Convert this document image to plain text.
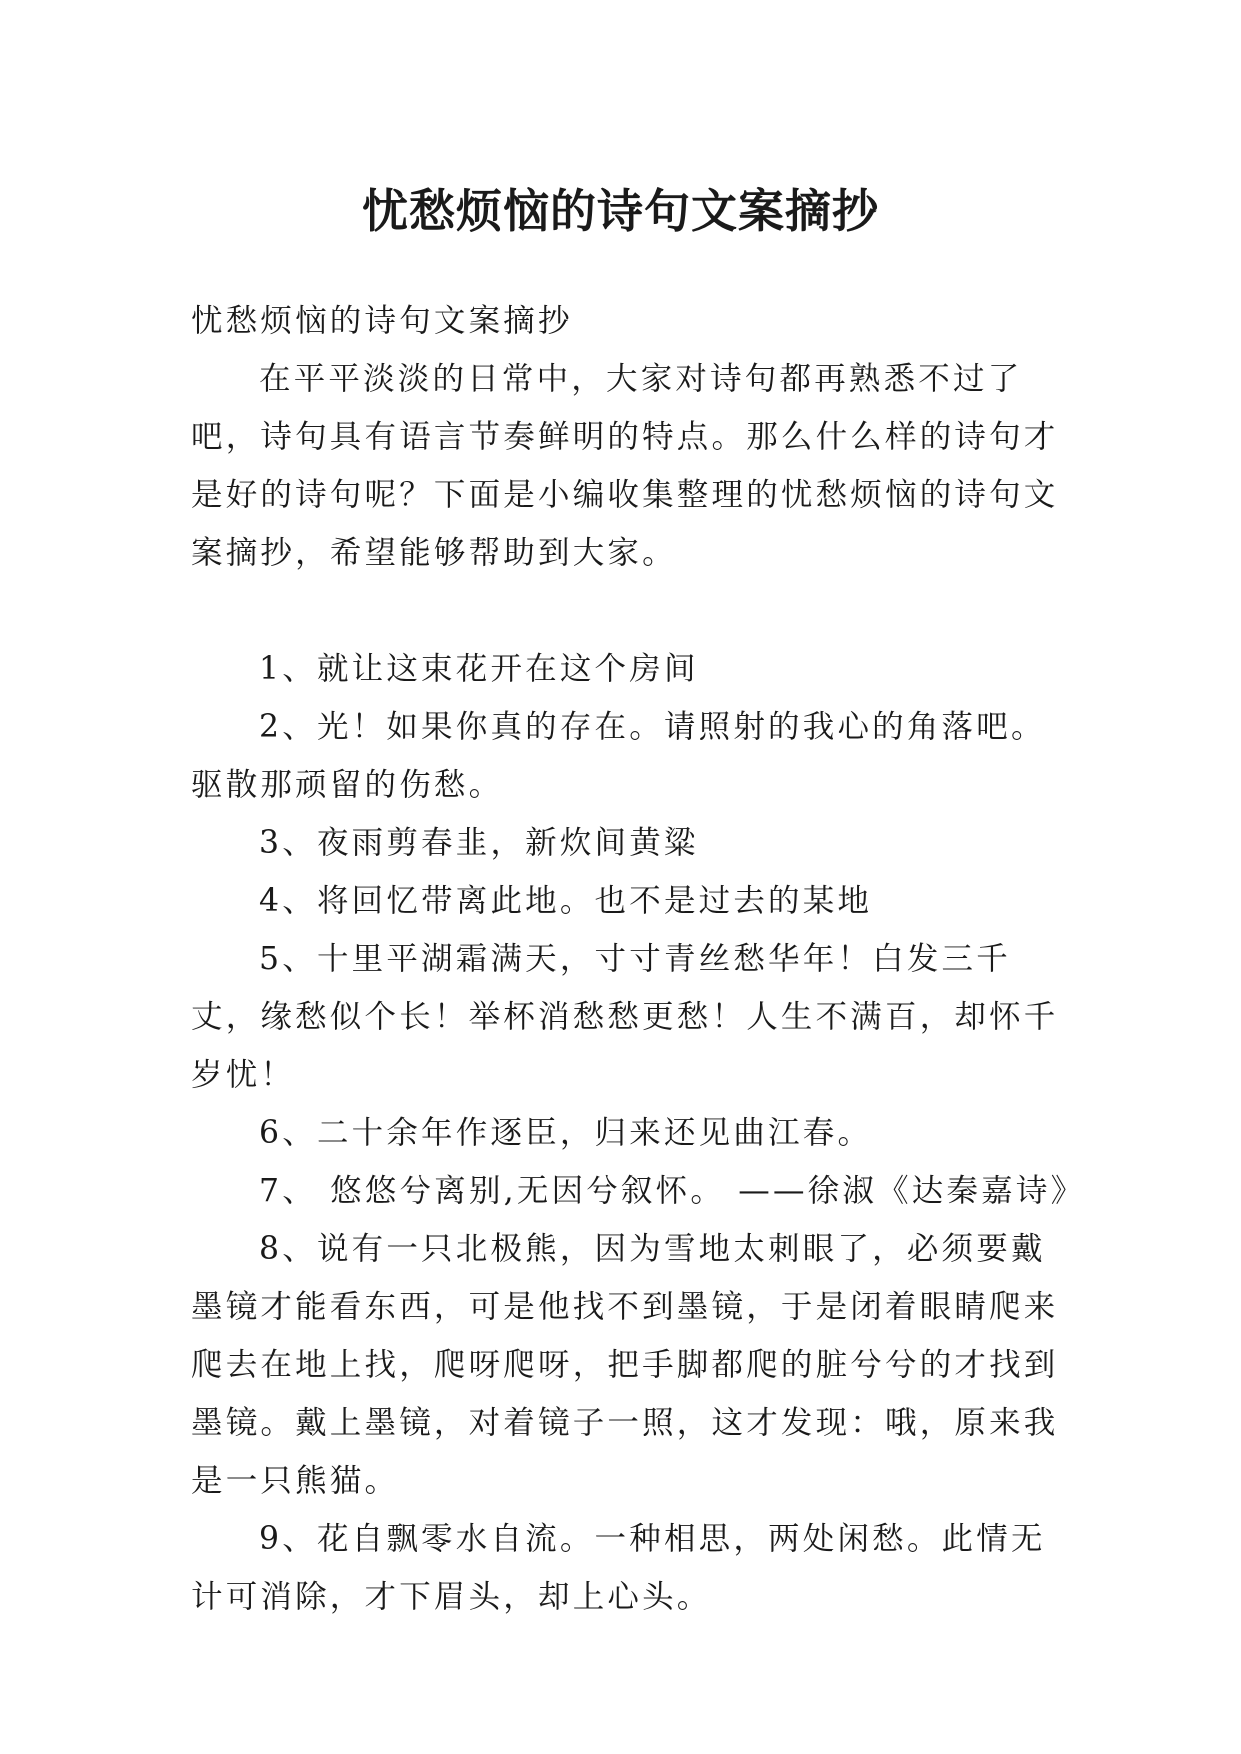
忧愁烦恼的诗句文案摘抄

忧愁烦恼的诗句文案摘抄

在平平淡淡的日常中，大家对诗句都再熟悉不过了吧，诗句具有语言节奏鲜明的特点。那么什么样的诗句才是好的诗句呢？下面是小编收集整理的忧愁烦恼的诗句文案摘抄，希望能够帮助到大家。

1、就让这束花开在这个房间

2、光！如果你真的存在。请照射的我心的角落吧。驱散那顽留的伤愁。

3、夜雨剪春韭，新炊间黄粱

4、将回忆带离此地。也不是过去的某地

5、十里平湖霜满天，寸寸青丝愁华年！白发三千丈，缘愁似个长！举杯消愁愁更愁！人生不满百，却怀千岁忧！

6、二十余年作逐臣，归来还见曲江春。

7、 悠悠兮离别,无因兮叙怀。 ——徐淑《达秦嘉诗》

8、说有一只北极熊，因为雪地太刺眼了，必须要戴墨镜才能看东西，可是他找不到墨镜，于是闭着眼睛爬来爬去在地上找，爬呀爬呀，把手脚都爬的脏兮兮的才找到墨镜。戴上墨镜，对着镜子一照，这才发现：哦，原来我是一只熊猫。

9、花自飘零水自流。一种相思，两处闲愁。此情无计可消除，才下眉头，却上心头。
